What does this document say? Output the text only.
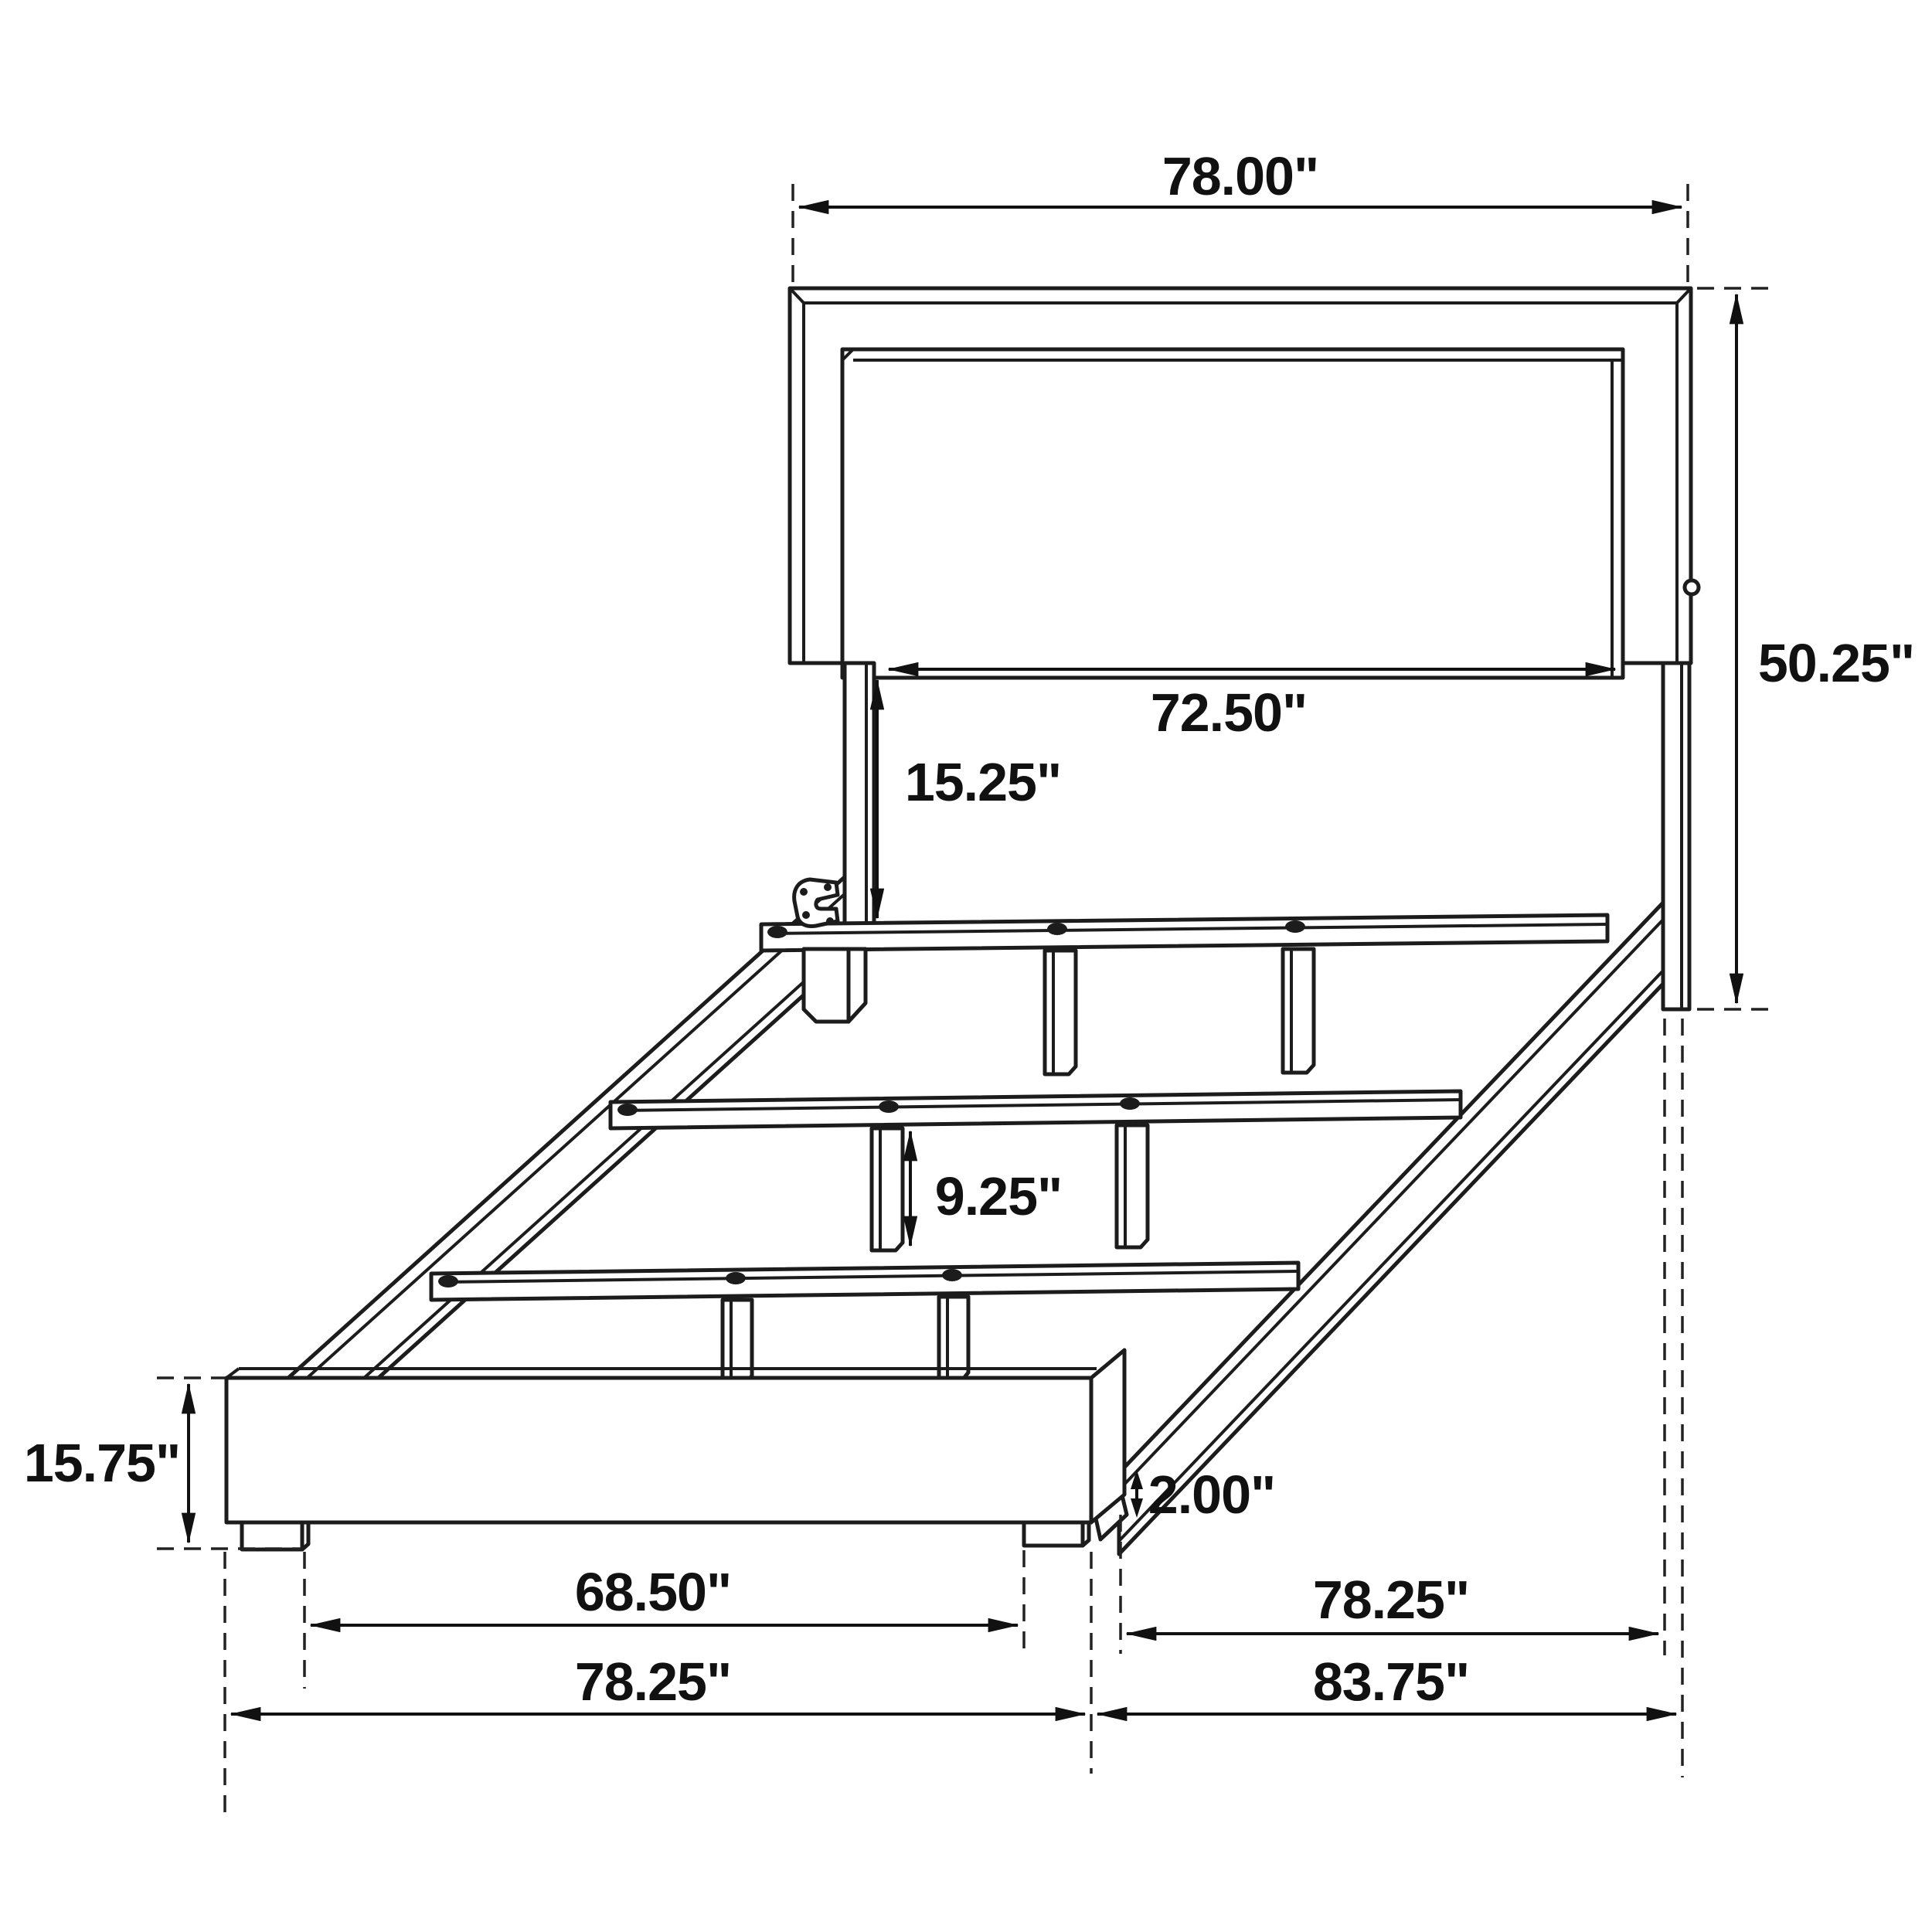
78.00"
50.25"
72.50"
15.25"
9.25"
15.75"
2.00"
68.50"
78.25"
78.25"
83.75"
